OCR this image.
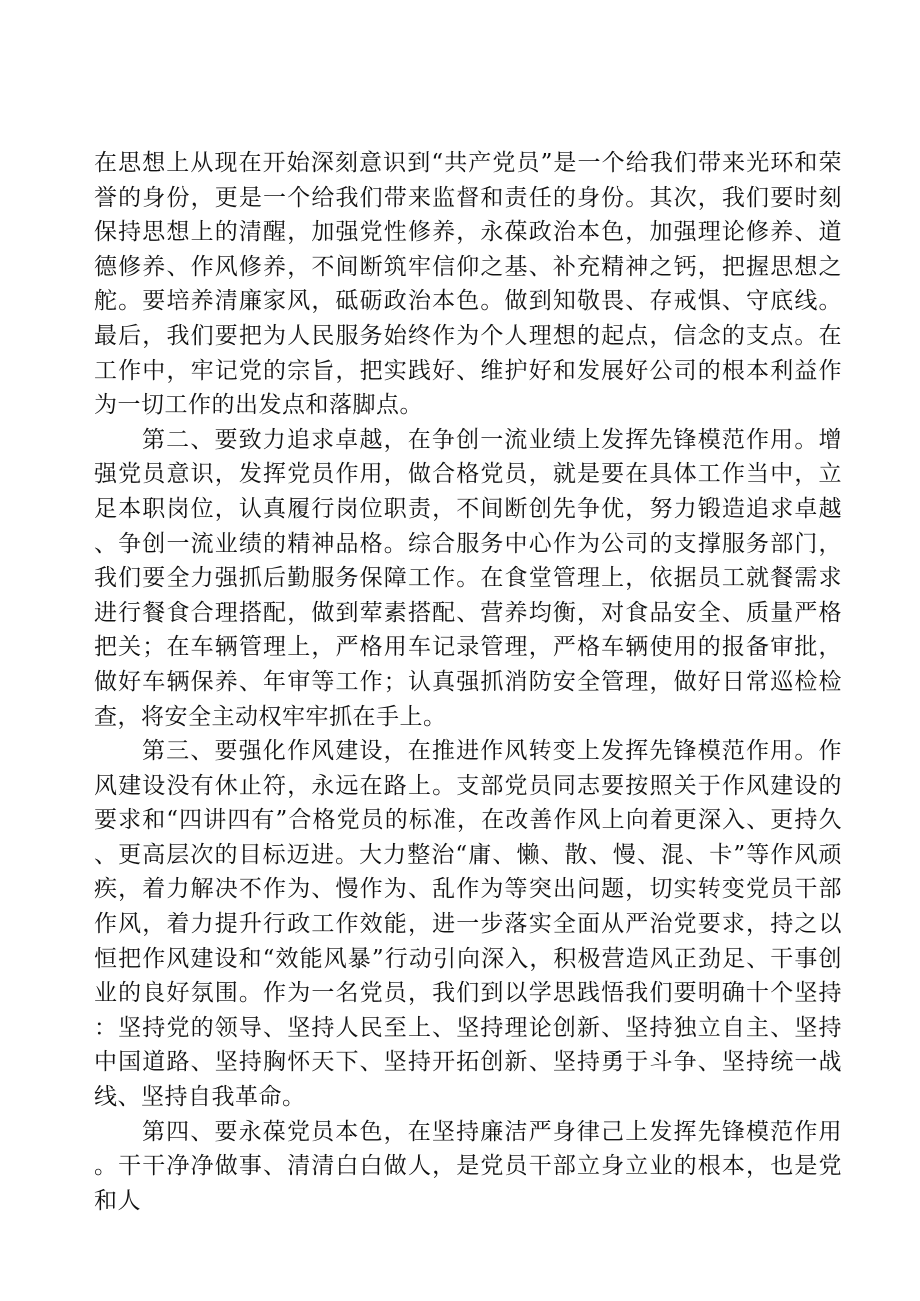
在思想上从现在开始深刻意识到“共产党员”是一个给我们带来光环和荣誉的身份，更是一个给我们带来监督和责任的身份。其次，我们要时刻保持思想上的清醒，加强党性修养，永葆政治本色，加强理论修养、道德修养、作风修养，不间断筑牢信仰之基、补充精神之钙，把握思想之舵。要培养清廉家风，砥砺政治本色。做到知敬畏、存戒惧、守底线。最后，我们要把为人民服务始终作为个人理想的起点，信念的支点。在工作中，牢记党的宗旨，把实践好、维护好和发展好公司的根本利益作为一切工作的出发点和落脚点。

第二、要致力追求卓越，在争创一流业绩上发挥先锋模范作用。增强党员意识，发挥党员作用，做合格党员，就是要在具体工作当中，立足本职岗位，认真履行岗位职责，不间断创先争优，努力锻造追求卓越、争创一流业绩的精神品格。综合服务中心作为公司的支撑服务部门，我们要全力强抓后勤服务保障工作。在食堂管理上，依据员工就餐需求进行餐食合理搭配，做到荤素搭配、营养均衡，对食品安全、质量严格把关；在车辆管理上，严格用车记录管理，严格车辆使用的报备审批，做好车辆保养、年审等工作；认真强抓消防安全管理，做好日常巡检检查，将安全主动权牢牢抓在手上。

第三、要强化作风建设，在推进作风转变上发挥先锋模范作用。作风建设没有休止符，永远在路上。支部党员同志要按照关于作风建设的要求和“四讲四有”合格党员的标准，在改善作风上向着更深入、更持久、更高层次的目标迈进。大力整治“庸、懒、散、慢、混、卡”等作风顽疾，着力解决不作为、慢作为、乱作为等突出问题，切实转变党员干部作风，着力提升行政工作效能，进一步落实全面从严治党要求，持之以恒把作风建设和“效能风暴”行动引向深入，积极营造风正劲足、干事创业的良好氛围。作为一名党员，我们到以学思践悟我们要明确十个坚持：坚持党的领导、坚持人民至上、坚持理论创新、坚持独立自主、坚持中国道路、坚持胸怀天下、坚持开拓创新、坚持勇于斗争、坚持统一战线、坚持自我革命。

第四、要永葆党员本色，在坚持廉洁严身律己上发挥先锋模范作用。干干净净做事、清清白白做人，是党员干部立身立业的根本，也是党和人
